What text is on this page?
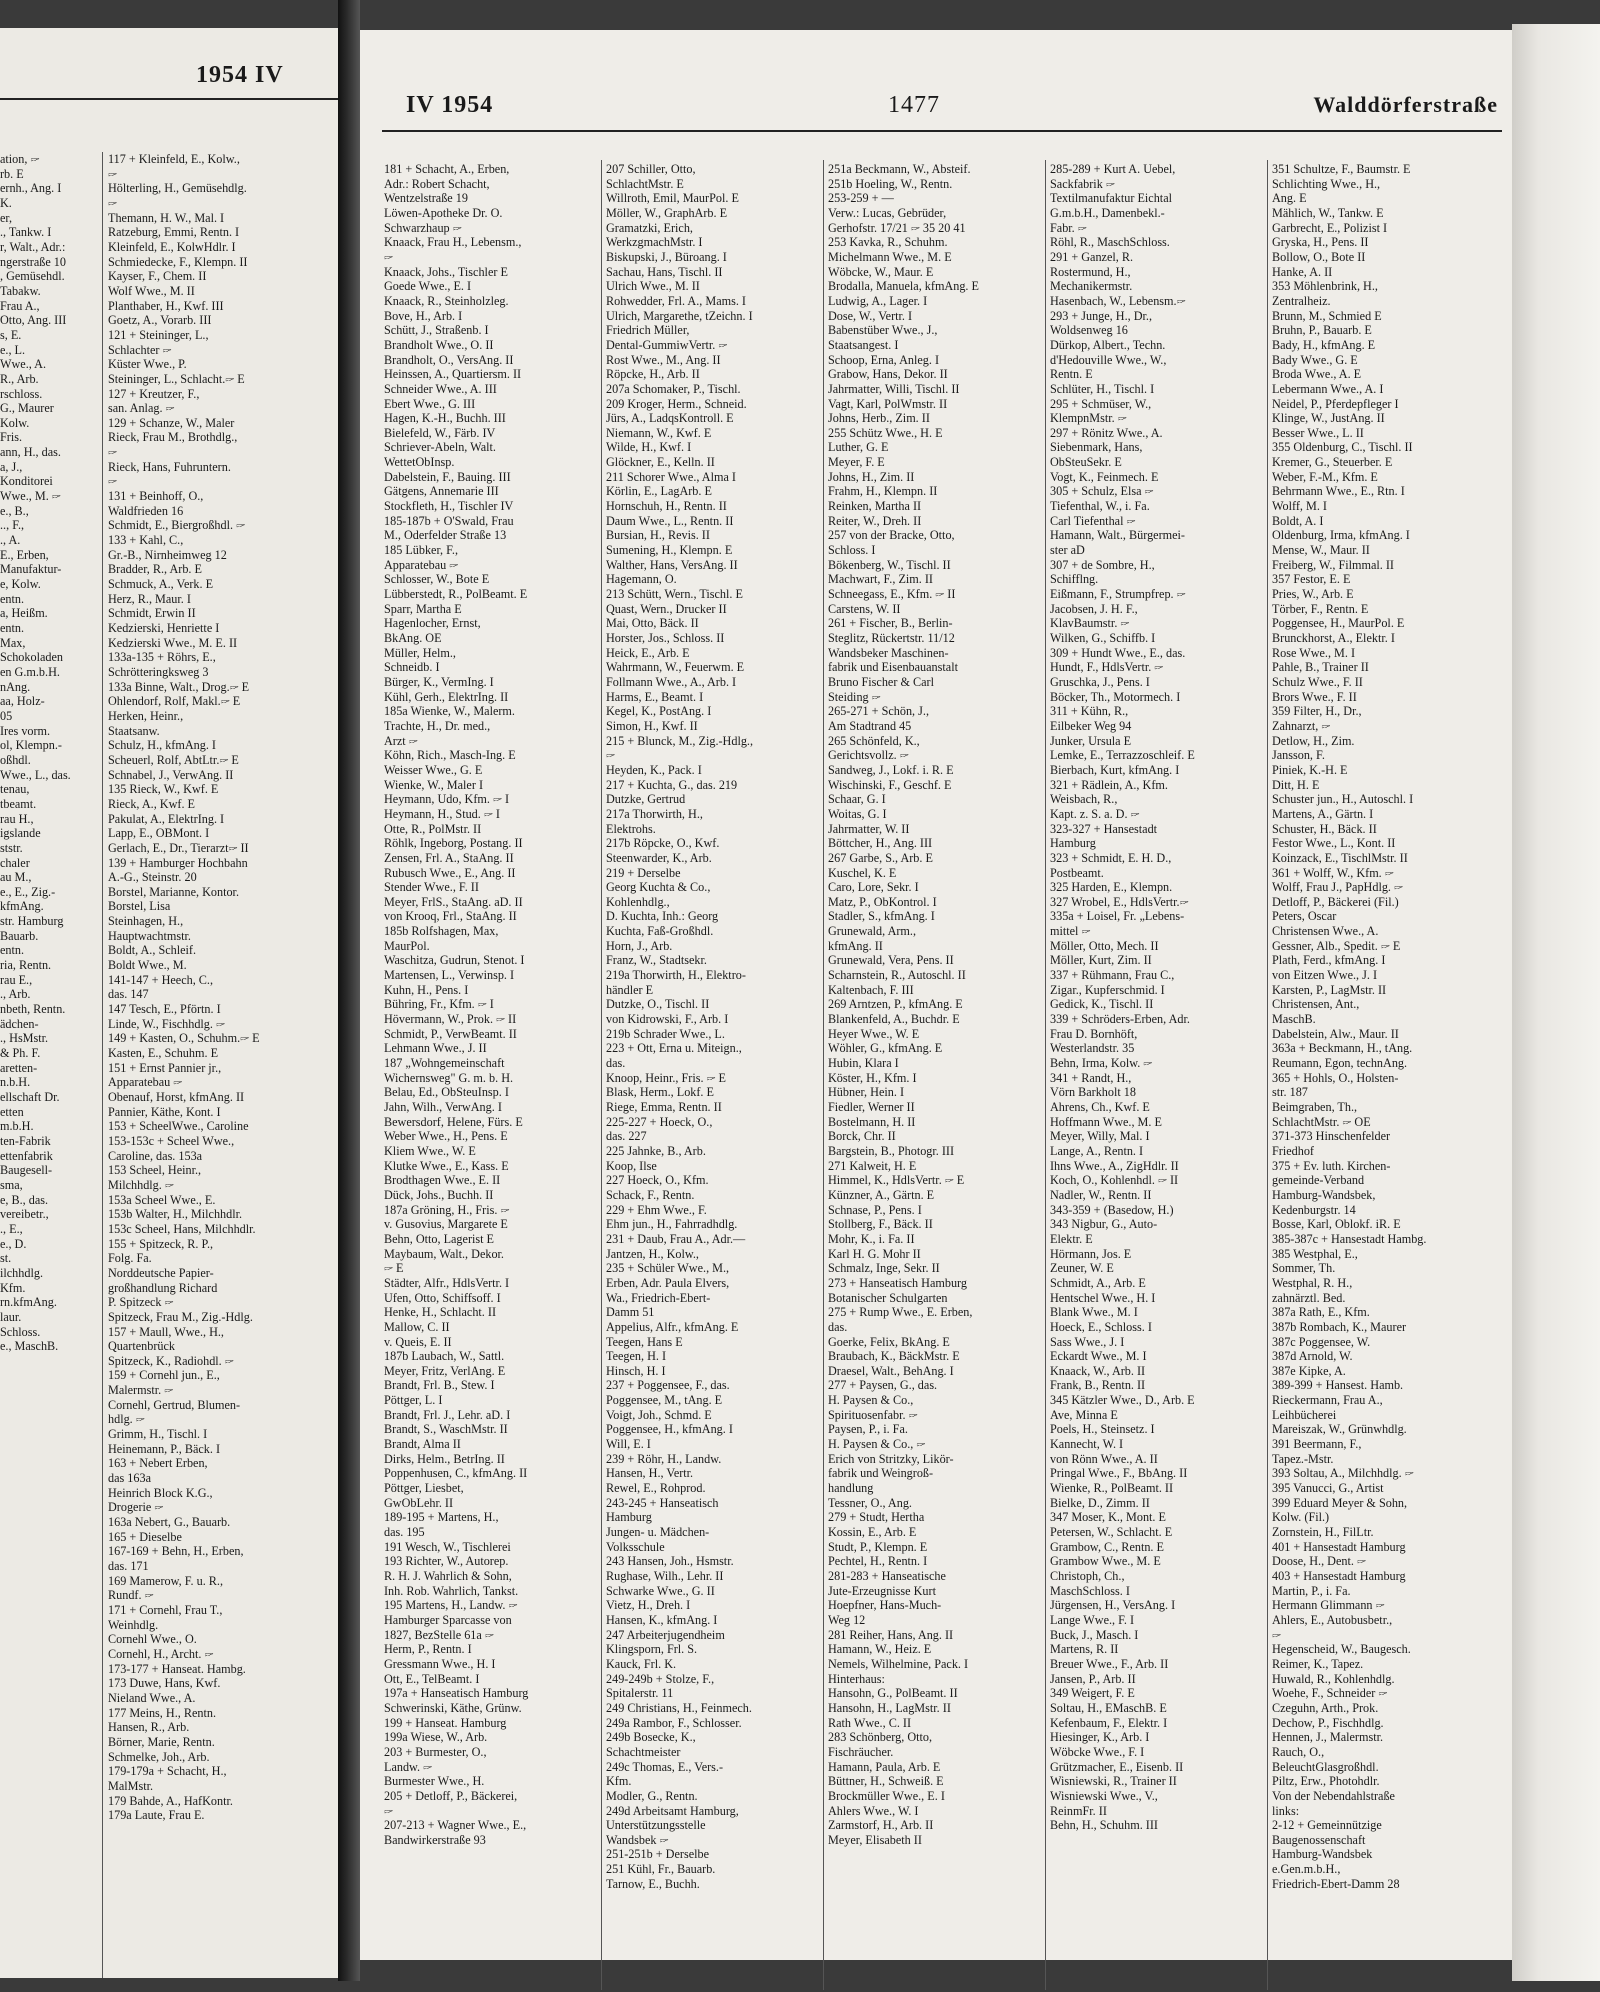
1954 IV
ation, 🖙
rb. E
ernh., Ang. I
K.
er,
., Tankw. I
r, Walt., Adr.:
ngerstraße 10
, Gemüsehdl.
Tabakw.
Frau A.,
Otto, Ang. III
s, E.
e., L.
Wwe., A.
R., Arb.
rschloss.
G., Maurer
Kolw.
Fris.
ann, H., das.
a, J.,
Konditorei
Wwe., M. 🖙
e., B.,
.., F.,
., A.
E., Erben,
Manufaktur-
e, Kolw.
entn.
a, Heißm.
entn.
Max,
Schokoladen
en G.m.b.H.
nAng.
aa, Holz-
05
Ires vorm.
ol, Klempn.-
oßhdl.
Wwe., L., das.
tenau,
tbeamt.
rau H.,
igslande
ststr.
chaler
au M.,
e., E., Zig.-
kfmAng.
str. Hamburg
Bauarb.
entn.
ria, Rentn.
rau E.,
., Arb.
nbeth, Rentn.
ädchen-
., HsMstr.
& Ph. F.
aretten-
n.b.H.
ellschaft Dr.
etten
m.b.H.
ten-Fabrik
ettenfabrik
Baugesell-
sma,
e, B., das.
vereibetr.,
., E.,
e., D.
st.
ilchhdlg.
Kfm.
rn.kfmAng.
laur.
Schloss.
e., MaschB.
117 + Kleinfeld, E., Kolw.,
🖙
Hölterling, H., Gemüsehdlg.
🖙
Themann, H. W., Mal. I
Ratzeburg, Emmi, Rentn. I
Kleinfeld, E., KolwHdlr. I
Schmiedecke, F., Klempn. II
Kayser, F., Chem. II
Wolf Wwe., M. II
Planthaber, H., Kwf. III
Goetz, A., Vorarb. III
121 + Steininger, L.,
Schlachter 🖙
Küster Wwe., P.
Steininger, L., Schlacht.🖙 E
127 + Kreutzer, F.,
san. Anlag. 🖙
129 + Schanze, W., Maler
Rieck, Frau M., Brothdlg.,
🖙
Rieck, Hans, Fuhruntern.
🖙
131 + Beinhoff, O.,
Waldfrieden 16
Schmidt, E., Biergroßhdl. 🖙
133 + Kahl, C.,
Gr.-B., Nirnheimweg 12
Bradder, R., Arb. E
Schmuck, A., Verk. E
Herz, R., Maur. I
Schmidt, Erwin II
Kedzierski, Henriette I
Kedzierski Wwe., M. E. II
133a-135 + Röhrs, E.,
Schrötteringksweg 3
133a Binne, Walt., Drog.🖙 E
Ohlendorf, Rolf, Makl.🖙 E
Herken, Heinr.,
Staatsanw.
Schulz, H., kfmAng. I
Scheuerl, Rolf, AbtLtr.🖙 E
Schnabel, J., VerwAng. II
135 Rieck, W., Kwf. E
Rieck, A., Kwf. E
Pakulat, A., ElektrIng. I
Lapp, E., OBMont. I
Gerlach, E., Dr., Tierarzt🖙 II
139 + Hamburger Hochbahn
A.-G., Steinstr. 20
Borstel, Marianne, Kontor.
Borstel, Lisa
Steinhagen, H.,
Hauptwachtmstr.
Boldt, A., Schleif.
Boldt Wwe., M.
141-147 + Heech, C.,
das. 147
147 Tesch, E., Pförtn. I
Linde, W., Fischhdlg. 🖙
149 + Kasten, O., Schuhm.🖙 E
Kasten, E., Schuhm. E
151 + Ernst Pannier jr.,
Apparatebau 🖙
Obenauf, Horst, kfmAng. II
Pannier, Käthe, Kont. I
153 + ScheelWwe., Caroline
153-153c + Scheel Wwe.,
Caroline, das. 153a
153 Scheel, Heinr.,
Milchhdlg. 🖙
153a Scheel Wwe., E.
153b Walter, H., Milchhdlr.
153c Scheel, Hans, Milchhdlr.
155 + Spitzeck, R. P.,
Folg. Fa.
Norddeutsche Papier-
großhandlung Richard
P. Spitzeck 🖙
Spitzeck, Frau M., Zig.-Hdlg.
157 + Maull, Wwe., H.,
Quartenbrück
Spitzeck, K., Radiohdl. 🖙
159 + Cornehl jun., E.,
Malermstr. 🖙
Cornehl, Gertrud, Blumen-
hdlg. 🖙
Grimm, H., Tischl. I
Heinemann, P., Bäck. I
163 + Nebert Erben,
das 163a
Heinrich Block K.G.,
Drogerie 🖙
163a Nebert, G., Bauarb.
165 + Dieselbe
167-169 + Behn, H., Erben,
das. 171
169 Mamerow, F. u. R.,
Rundf. 🖙
171 + Cornehl, Frau T.,
Weinhdlg.
Cornehl Wwe., O.
Cornehl, H., Archt. 🖙
173-177 + Hanseat. Hambg.
173 Duwe, Hans, Kwf.
Nieland Wwe., A.
177 Meins, H., Rentn.
Hansen, R., Arb.
Börner, Marie, Rentn.
Schmelke, Joh., Arb.
179-179a + Schacht, H.,
MalMstr.
179 Bahde, A., HafKontr.
179a Laute, Frau E.
IV 1954	1477	Walddörferstraße
181 + Schacht, A., Erben,
Adr.: Robert Schacht,
Wentzelstraße 19
Löwen-Apotheke Dr. O.
Schwarzhaup 🖙
Knaack, Frau H., Lebensm.,
🖙
Knaack, Johs., Tischler E
Goede Wwe., E. I
Knaack, R., Steinholzleg.
Bove, H., Arb. I
Schütt, J., Straßenb. I
Brandholt Wwe., O. II
Brandholt, O., VersAng. II
Heinssen, A., Quartiersm. II
Schneider Wwe., A. III
Ebert Wwe., G. III
Hagen, K.-H., Buchh. III
Bielefeld, W., Färb. IV
Schriever-Abeln, Walt.
WettetObInsp.
Dabelstein, F., Bauing. III
Gätgens, Annemarie III
Stockfleth, H., Tischler IV
185-187b + O'Swald, Frau
M., Oderfelder Straße 13
185 Lübker, F.,
Apparatebau 🖙
Schlosser, W., Bote E
Lübberstedt, R., PolBeamt. E
Sparr, Martha E
Hagenlocher, Ernst,
BkAng. OE
Müller, Helm.,
Schneidb. I
Bürger, K., VermIng. I
Kühl, Gerh., ElektrIng. II
185a Wienke, W., Malerm.
Trachte, H., Dr. med.,
Arzt 🖙
Köhn, Rich., Masch-Ing. E
Weisser Wwe., G. E
Wienke, W., Maler I
Heymann, Udo, Kfm. 🖙 I
Heymann, H., Stud. 🖙 I
Otte, R., PolMstr. II
Röhlk, Ingeborg, Postang. II
Zensen, Frl. A., StaAng. II
Rubusch Wwe., E., Ang. II
Stender Wwe., F. II
Meyer, FrlS., StaAng. aD. II
von Krooq, Frl., StaAng. II
185b Rolfshagen, Max,
MaurPol.
Waschitza, Gudrun, Stenot. I
Martensen, L., Verwinsp. I
Kuhn, H., Pens. I
Bühring, Fr., Kfm. 🖙 I
Hövermann, W., Prok. 🖙 II
Schmidt, P., VerwBeamt. II
Lehmann Wwe., J. II
187 „Wohngemeinschaft
Wichernsweg" G. m. b. H.
Belau, Ed., ObSteuInsp. I
Jahn, Wilh., VerwAng. I
Bewersdorf, Helene, Fürs. E
Weber Wwe., H., Pens. E
Kliem Wwe., W. E
Klutke Wwe., E., Kass. E
Brodthagen Wwe., E. II
Dück, Johs., Buchh. II
187a Gröning, H., Fris. 🖙
v. Gusovius, Margarete E
Behn, Otto, Lagerist E
Maybaum, Walt., Dekor.
🖙 E
Städter, Alfr., HdlsVertr. I
Ufen, Otto, Schiffsoff. I
Henke, H., Schlacht. II
Mallow, C. II
v. Queis, E. II
187b Laubach, W., Sattl.
Meyer, Fritz, VerlAng. E
Brandt, Frl. B., Stew. I
Pöttger, L. I
Brandt, Frl. J., Lehr. aD. I
Brandt, S., WaschMstr. II
Brandt, Alma II
Dirks, Helm., BetrIng. II
Poppenhusen, C., kfmAng. II
Pöttger, Liesbet,
GwObLehr. II
189-195 + Martens, H.,
das. 195
191 Wesch, W., Tischlerei
193 Richter, W., Autorep.
R. H. J. Wahrlich & Sohn,
Inh. Rob. Wahrlich, Tankst.
195 Martens, H., Landw. 🖙
Hamburger Sparcasse von
1827, BezStelle 61a 🖙
Herm, P., Rentn. I
Gressmann Wwe., H. I
Ott, E., TelBeamt. I
197a + Hanseatisch Hamburg
Schwerinski, Käthe, Grünw.
199 + Hanseat. Hamburg
199a Wiese, W., Arb.
203 + Burmester, O.,
Landw. 🖙
Burmester Wwe., H.
205 + Detloff, P., Bäckerei,
🖙
207-213 + Wagner Wwe., E.,
Bandwirkerstraße 93
207 Schiller, Otto,
SchlachtMstr. E
Willroth, Emil, MaurPol. E
Möller, W., GraphArb. E
Gramatzki, Erich,
WerkzgmachMstr. I
Biskupski, J., Büroang. I
Sachau, Hans, Tischl. II
Ulrich Wwe., M. II
Rohwedder, Frl. A., Mams. I
Ulrich, Margarethe, tZeichn. I
Friedrich Müller,
Dental-GummiwVertr. 🖙
Rost Wwe., M., Ang. II
Röpcke, H., Arb. II
207a Schomaker, P., Tischl.
209 Kroger, Herm., Schneid.
Jürs, A., LadqsKontroll. E
Niemann, W., Kwf. E
Wilde, H., Kwf. I
Glöckner, E., Kelln. II
211 Schorer Wwe., Alma I
Körlin, E., LagArb. E
Hornschuh, H., Rentn. II
Daum Wwe., L., Rentn. II
Bursian, H., Revis. II
Sumening, H., Klempn. E
Walther, Hans, VersAng. II
Hagemann, O.
213 Schütt, Wern., Tischl. E
Quast, Wern., Drucker II
Mai, Otto, Bäck. II
Horster, Jos., Schloss. II
Heick, E., Arb. E
Wahrmann, W., Feuerwm. E
Follmann Wwe., A., Arb. I
Harms, E., Beamt. I
Kegel, K., PostAng. I
Simon, H., Kwf. II
215 + Blunck, M., Zig.-Hdlg.,
🖙
Heyden, K., Pack. I
217 + Kuchta, G., das. 219
Dutzke, Gertrud
217a Thorwirth, H.,
Elektrohs.
217b Röpcke, O., Kwf.
Steenwarder, K., Arb.
219 + Derselbe
Georg Kuchta & Co.,
Kohlenhdlg.,
D. Kuchta, Inh.: Georg
Kuchta, Faß-Großhdl.
Horn, J., Arb.
Franz, W., Stadtsekr.
219a Thorwirth, H., Elektro-
händler E
Dutzke, O., Tischl. II
von Kidrowski, F., Arb. I
219b Schrader Wwe., L.
223 + Ott, Erna u. Miteign.,
das.
Knoop, Heinr., Fris. 🖙 E
Blask, Herm., Lokf. E
Riege, Emma, Rentn. II
225-227 + Hoeck, O.,
das. 227
225 Jahnke, B., Arb.
Koop, Ilse
227 Hoeck, O., Kfm.
Schack, F., Rentn.
229 + Ehm Wwe., F.
Ehm jun., H., Fahrradhdlg.
231 + Daub, Frau A., Adr.—
Jantzen, H., Kolw.,
235 + Schüler Wwe., M.,
Erben, Adr. Paula Elvers,
Wa., Friedrich-Ebert-
Damm 51
Appelius, Alfr., kfmAng. E
Teegen, Hans E
Teegen, H. I
Hinsch, H. I
237 + Poggensee, F., das.
Poggensee, M., tAng. E
Voigt, Joh., Schmd. E
Poggensee, H., kfmAng. I
Will, E. I
239 + Röhr, H., Landw.
Hansen, H., Vertr.
Rewel, E., Rohprod.
243-245 + Hanseatisch
Hamburg
Jungen- u. Mädchen-
Volksschule
243 Hansen, Joh., Hsmstr.
Rughase, Wilh., Lehr. II
Schwarke Wwe., G. II
Vietz, H., Dreh. I
Hansen, K., kfmAng. I
247 Arbeiterjugendheim
Klingsporn, Frl. S.
Kauck, Frl. K.
249-249b + Stolze, F.,
Spitalerstr. 11
249 Christians, H., Feinmech.
249a Rambor, F., Schlosser.
249b Bosecke, K.,
Schachtmeister
249c Thomas, E., Vers.-
Kfm.
Modler, G., Rentn.
249d Arbeitsamt Hamburg,
Unterstützungsstelle
Wandsbek 🖙
251-251b + Derselbe
251 Kühl, Fr., Bauarb.
Tarnow, E., Buchh.
251a Beckmann, W., Absteif.
251b Hoeling, W., Rentn.
253-259 + —
Verw.: Lucas, Gebrüder,
Gerhofstr. 17/21 🖙 35 20 41
253 Kavka, R., Schuhm.
Michelmann Wwe., M. E
Wöbcke, W., Maur. E
Brodalla, Manuela, kfmAng. E
Ludwig, A., Lager. I
Dose, W., Vertr. I
Babenstüber Wwe., J.,
Staatsangest. I
Schoop, Erna, Anleg. I
Grabow, Hans, Dekor. II
Jahrmatter, Willi, Tischl. II
Vagt, Karl, PolWmstr. II
Johns, Herb., Zim. II
255 Schütz Wwe., H. E
Luther, G. E
Meyer, F. E
Johns, H., Zim. II
Frahm, H., Klempn. II
Reinken, Martha II
Reiter, W., Dreh. II
257 von der Bracke, Otto,
Schloss. I
Bökenberg, W., Tischl. II
Machwart, F., Zim. II
Schneegass, E., Kfm. 🖙 II
Carstens, W. II
261 + Fischer, B., Berlin-
Steglitz, Rückertstr. 11/12
Wandsbeker Maschinen-
fabrik und Eisenbauanstalt
Bruno Fischer & Carl
Steiding 🖙
265-271 + Schön, J.,
Am Stadtrand 45
265 Schönfeld, K.,
Gerichtsvollz. 🖙
Sandweg, J., Lokf. i. R. E
Wischinski, F., Geschf. E
Schaar, G. I
Woitas, G. I
Jahrmatter, W. II
Böttcher, H., Ang. III
267 Garbe, S., Arb. E
Kuschel, K. E
Caro, Lore, Sekr. I
Matz, P., ObKontrol. I
Stadler, S., kfmAng. I
Grunewald, Arm.,
kfmAng. II
Grunewald, Vera, Pens. II
Scharnstein, R., Autoschl. II
Kaltenbach, F. III
269 Arntzen, P., kfmAng. E
Blankenfeld, A., Buchdr. E
Heyer Wwe., W. E
Wöhler, G., kfmAng. E
Hubin, Klara I
Köster, H., Kfm. I
Hübner, Hein. I
Fiedler, Werner II
Bostelmann, H. II
Borck, Chr. II
Bargstein, B., Photogr. III
271 Kalweit, H. E
Himmel, K., HdlsVertr. 🖙 E
Künzner, A., Gärtn. E
Schnase, P., Pens. I
Stollberg, F., Bäck. II
Mohr, K., i. Fa. II
Karl H. G. Mohr II
Schmalz, Inge, Sekr. II
273 + Hanseatisch Hamburg
Botanischer Schulgarten
275 + Rump Wwe., E. Erben,
das.
Goerke, Felix, BkAng. E
Braubach, K., BäckMstr. E
Draesel, Walt., BehAng. I
277 + Paysen, G., das.
H. Paysen & Co.,
Spirituosenfabr. 🖙
Paysen, P., i. Fa.
H. Paysen & Co., 🖙
Erich von Stritzky, Likör-
fabrik und Weingroß-
handlung
Tessner, O., Ang.
279 + Studt, Hertha
Kossin, E., Arb. E
Studt, P., Klempn. E
Pechtel, H., Rentn. I
281-283 + Hanseatische
Jute-Erzeugnisse Kurt
Hoepfner, Hans-Much-
Weg 12
281 Reiher, Hans, Ang. II
Hamann, W., Heiz. E
Nemels, Wilhelmine, Pack. I
Hinterhaus:
Hansohn, G., PolBeamt. II
Hansohn, H., LagMstr. II
Rath Wwe., C. II
283 Schönberg, Otto,
Fischräucher.
Hamann, Paula, Arb. E
Büttner, H., Schweiß. E
Brockmüller Wwe., E. I
Ahlers Wwe., W. I
Zarmstorf, H., Arb. II
Meyer, Elisabeth II
285-289 + Kurt A. Uebel,
Sackfabrik 🖙
Textilmanufaktur Eichtal
G.m.b.H., Damenbekl.-
Fabr. 🖙
Röhl, R., MaschSchloss.
291 + Ganzel, R.
Rostermund, H.,
Mechanikermstr.
Hasenbach, W., Lebensm.🖙
293 + Junge, H., Dr.,
Woldsenweg 16
Dürkop, Albert., Techn.
d'Hedouville Wwe., W.,
Rentn. E
Schlüter, H., Tischl. I
295 + Schmüser, W.,
KlempnMstr. 🖙
297 + Rönitz Wwe., A.
Siebenmark, Hans,
ObSteuSekr. E
Vogt, K., Feinmech. E
305 + Schulz, Elsa 🖙
Tiefenthal, W., i. Fa.
Carl Tiefenthal 🖙
Hamann, Walt., Bürgermei-
ster aD
307 + de Sombre, H.,
Schifflng.
Eißmann, F., Strumpfrep. 🖙
Jacobsen, J. H. F.,
KlavBaumstr. 🖙
Wilken, G., Schiffb. I
309 + Hundt Wwe., E., das.
Hundt, F., HdlsVertr. 🖙
Gruschka, J., Pens. I
Böcker, Th., Motormech. I
311 + Kühn, R.,
Eilbeker Weg 94
Junker, Ursula E
Lemke, E., Terrazzoschleif. E
Bierbach, Kurt, kfmAng. I
321 + Rädlein, A., Kfm.
Weisbach, R.,
Kapt. z. S. a. D. 🖙
323-327 + Hansestadt
Hamburg
323 + Schmidt, E. H. D.,
Postbeamt.
325 Harden, E., Klempn.
327 Wrobel, E., HdlsVertr.🖙
335a + Loisel, Fr. „Lebens-
mittel 🖙
Möller, Otto, Mech. II
Möller, Kurt, Zim. II
337 + Rühmann, Frau C.,
Zigar., Kupferschmid. I
Gedick, K., Tischl. II
339 + Schröders-Erben, Adr.
Frau D. Bornhöft,
Westerlandstr. 35
Behn, Irma, Kolw. 🖙
341 + Randt, H.,
Vörn Barkholt 18
Ahrens, Ch., Kwf. E
Hoffmann Wwe., M. E
Meyer, Willy, Mal. I
Lange, A., Rentn. I
Ihns Wwe., A., ZigHdlr. II
Koch, O., Kohlenhdl. 🖙 II
Nadler, W., Rentn. II
343-359 + (Basedow, H.)
343 Nigbur, G., Auto-
Elektr. E
Hörmann, Jos. E
Zeuner, W. E
Schmidt, A., Arb. E
Hentschel Wwe., H. I
Blank Wwe., M. I
Hoeck, E., Schloss. I
Sass Wwe., J. I
Eckardt Wwe., M. I
Knaack, W., Arb. II
Frank, B., Rentn. II
345 Kätzler Wwe., D., Arb. E
Ave, Minna E
Poels, H., Steinsetz. I
Kannecht, W. I
von Rönn Wwe., A. II
Pringal Wwe., F., BbAng. II
Wienke, R., PolBeamt. II
Bielke, D., Zimm. II
347 Moser, K., Mont. E
Petersen, W., Schlacht. E
Grambow, C., Rentn. E
Grambow Wwe., M. E
Christoph, Ch.,
MaschSchloss. I
Jürgensen, H., VersAng. I
Lange Wwe., F. I
Buck, J., Masch. I
Martens, R. II
Breuer Wwe., F., Arb. II
Jansen, P., Arb. II
349 Weigert, F. E
Soltau, H., EMaschB. E
Kefenbaum, F., Elektr. I
Hiesinger, K., Arb. I
Wöbcke Wwe., F. I
Grützmacher, E., Eisenb. II
Wisniewski, R., Trainer II
Wisniewski Wwe., V.,
ReinmFr. II
Behn, H., Schuhm. III
351 Schultze, F., Baumstr. E
Schlichting Wwe., H.,
Ang. E
Mählich, W., Tankw. E
Garbrecht, E., Polizist I
Gryska, H., Pens. II
Bollow, O., Bote II
Hanke, A. II
353 Möhlenbrink, H.,
Zentralheiz.
Brunn, M., Schmied E
Bruhn, P., Bauarb. E
Bady, H., kfmAng. E
Bady Wwe., G. E
Broda Wwe., A. E
Lebermann Wwe., A. I
Neidel, P., Pferdepfleger I
Klinge, W., JustAng. II
Besser Wwe., L. II
355 Oldenburg, C., Tischl. II
Kremer, G., Steuerber. E
Weber, F.-M., Kfm. E
Behrmann Wwe., E., Rtn. I
Wolff, M. I
Boldt, A. I
Oldenburg, Irma, kfmAng. I
Mense, W., Maur. II
Freiberg, W., Filmmal. II
357 Festor, E. E
Pries, W., Arb. E
Törber, F., Rentn. E
Poggensee, H., MaurPol. E
Brunckhorst, A., Elektr. I
Rose Wwe., M. I
Pahle, B., Trainer II
Schulz Wwe., F. II
Brors Wwe., F. II
359 Filter, H., Dr.,
Zahnarzt, 🖙
Detlow, H., Zim.
Jansson, F.
Piniek, K.-H. E
Ditt, H. E
Schuster jun., H., Autoschl. I
Martens, A., Gärtn. I
Schuster, H., Bäck. II
Festor Wwe., L., Kont. II
Koinzack, E., TischlMstr. II
361 + Wolff, W., Kfm. 🖙
Wolff, Frau J., PapHdlg. 🖙
Detloff, P., Bäckerei (Fil.)
Peters, Oscar
Christensen Wwe., A.
Gessner, Alb., Spedit. 🖙 E
Plath, Ferd., kfmAng. I
von Eitzen Wwe., J. I
Karsten, P., LagMstr. II
Christensen, Ant.,
MaschB.
Dabelstein, Alw., Maur. II
363a + Beckmann, H., tAng.
Reumann, Egon, technAng.
365 + Hohls, O., Holsten-
str. 187
Beimgraben, Th.,
SchlachtMstr. 🖙 OE
371-373 Hinschenfelder
Friedhof
375 + Ev. luth. Kirchen-
gemeinde-Verband
Hamburg-Wandsbek,
Kedenburgstr. 14
Bosse, Karl, Oblokf. iR. E
385-387c + Hansestadt Hambg.
385 Westphal, E.,
Sommer, Th.
Westphal, R. H.,
zahnärztl. Bed.
387a Rath, E., Kfm.
387b Rombach, K., Maurer
387c Poggensee, W.
387d Arnold, W.
387e Kipke, A.
389-399 + Hansest. Hamb.
Rieckermann, Frau A.,
Leihbücherei
Mareiszak, W., Grünwhdlg.
391 Beermann, F.,
Tapez.-Mstr.
393 Soltau, A., Milchhdlg. 🖙
395 Vanucci, G., Artist
399 Eduard Meyer & Sohn,
Kolw. (Fil.)
Zornstein, H., FilLtr.
401 + Hansestadt Hamburg
Doose, H., Dent. 🖙
403 + Hansestadt Hamburg
Martin, P., i. Fa.
Hermann Glimmann 🖙
Ahlers, E., Autobusbetr.,
🖙
Hegenscheid, W., Baugesch.
Reimer, K., Tapez.
Huwald, R., Kohlenhdlg.
Woehe, F., Schneider 🖙
Czeguhn, Arth., Prok.
Dechow, P., Fischhdlg.
Hennen, J., Malermstr.
Rauch, O.,
BeleuchtGlasgroßhdl.
Piltz, Erw., Photohdlr.
Von der Nebendahlstraße
links:
2-12 + Gemeinnützige
Baugenossenschaft
Hamburg-Wandsbek
e.Gen.m.b.H.,
Friedrich-Ebert-Damm 28
